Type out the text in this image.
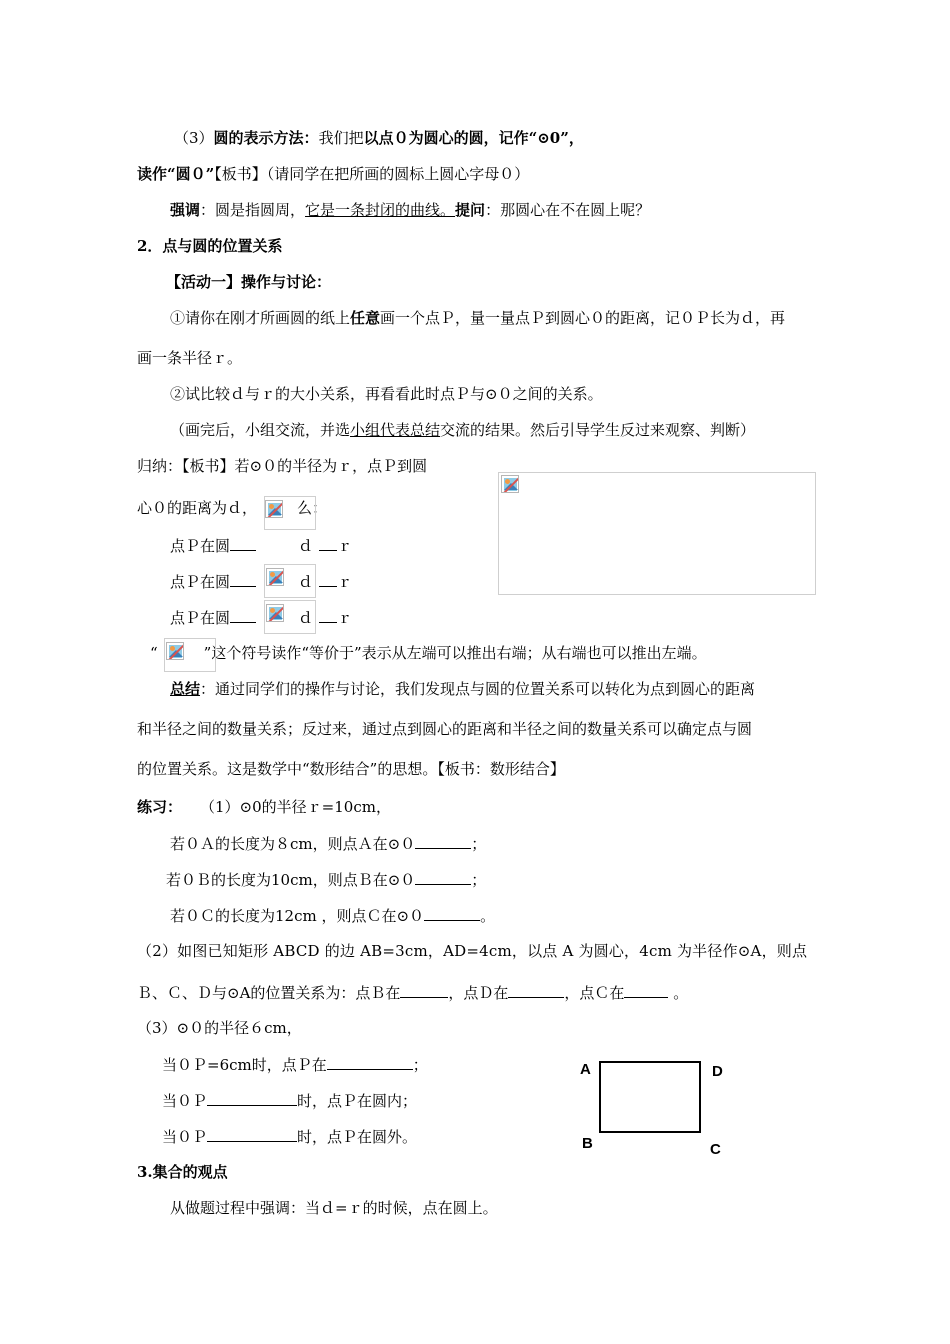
（3）圆的表示方法：我们把以点０为圆心的圆，记作“⊙0”，
读作“圆０”【板书】（请同学在把所画的圆标上圆心字母０）
强调：圆是指圆周，它是一条封闭的曲线。提问：那圆心在不在圆上呢？
2．点与圆的位置关系
【活动一】操作与讨论：
①请你在刚才所画圆的纸上任意画一个点Ｐ，量一量点Ｐ到圆心０的距离，记０Ｐ长为ｄ，再
画一条半径ｒ。
②试比较ｄ与ｒ的大小关系，再看看此时点Ｐ与⊙０之间的关系。
（画完后，小组交流，并选小组代表总结交流的结果。然后引导学生反过来观察、判断）
归纳：【板书】若⊙０的半径为ｒ，点Ｐ到圆
心０的距离为ｄ，	么：
点Ｐ在圆	ｄ ｒ
点Ｐ在圆	ｄ ｒ
点Ｐ在圆	ｄ ｒ
“	”这个符号读作“等价于”表示从左端可以推出右端；从右端也可以推出左端。
总结：通过同学们的操作与讨论，我们发现点与圆的位置关系可以转化为点到圆心的距离
和半径之间的数量关系；反过来，通过点到圆心的距离和半径之间的数量关系可以确定点与圆
的位置关系。这是数学中“数形结合”的思想。【板书：数形结合】
练习： （1）⊙0的半径ｒ=10cm，
若０Ａ的长度为８cm，则点Ａ在⊙０	；
若０Ｂ的长度为10cm，则点Ｂ在⊙０	；
若０Ｃ的长度为12cm ，则点Ｃ在⊙０	。
（2）如图已知矩形 ABCD 的边 AB=3cm，AD=4cm，以点 A 为圆心，4cm 为半径作⊙A，则点
Ｂ、Ｃ、Ｄ与⊙A的位置关系为：点Ｂ在	，点Ｄ在	，点Ｃ在	。
（3）⊙０的半径６cm，
当０Ｐ=6cm时，点Ｐ在	；
当０Ｐ	时，点Ｐ在圆内；
当０Ｐ	时，点Ｐ在圆外。
A	D
B	C
3.集合的观点
从做题过程中强调：当ｄ=ｒ的时候，点在圆上。
